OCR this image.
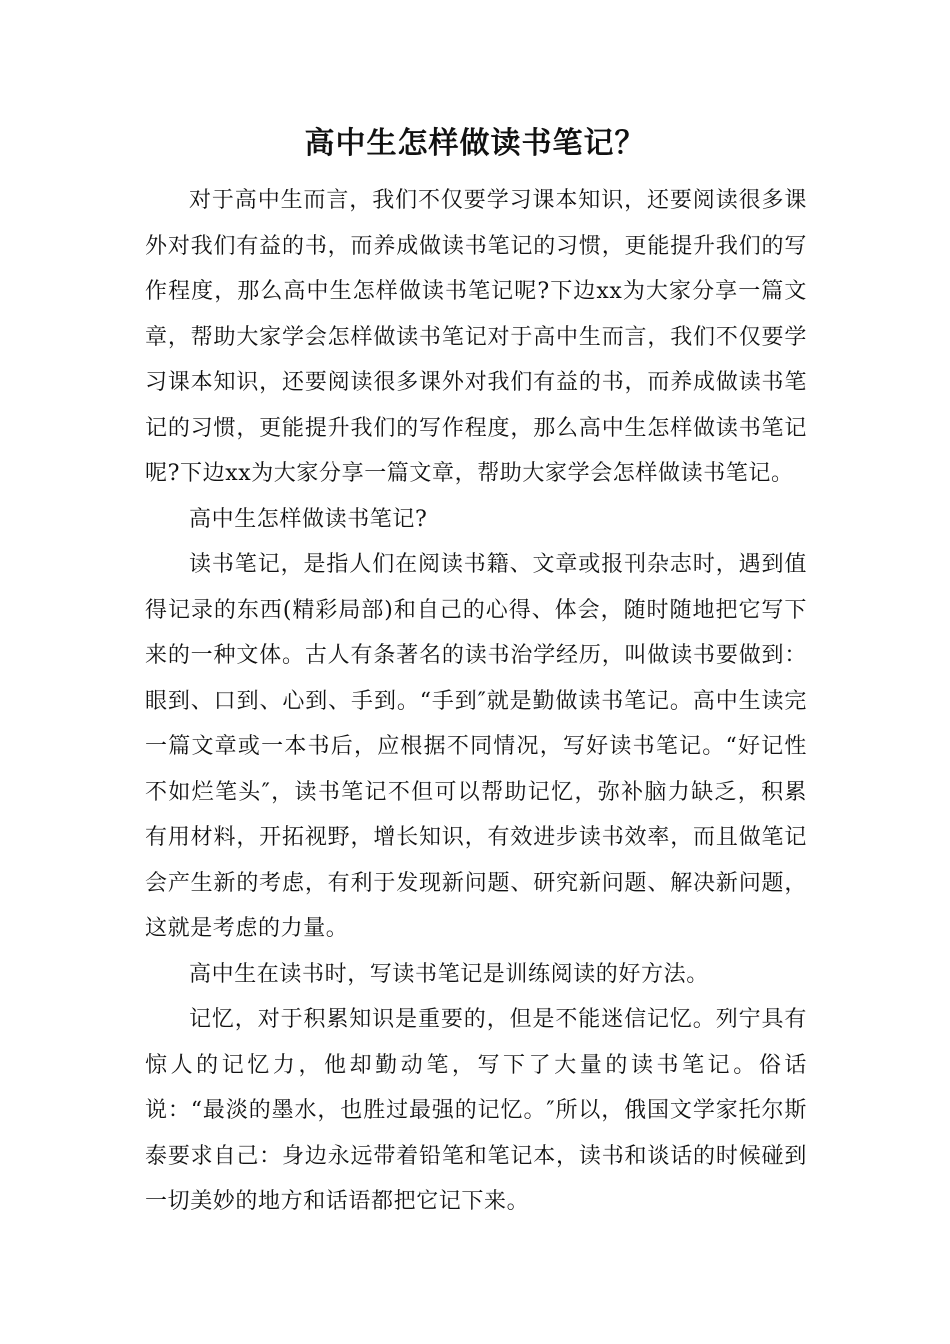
高中生怎样做读书笔记？

对于高中生而言，我们不仅要学习课本知识，还要阅读很多课外对我们有益的书，而养成做读书笔记的习惯，更能提升我们的写作程度，那么高中生怎样做读书笔记呢?下边xx为大家分享一篇文章，帮助大家学会怎样做读书笔记对于高中生而言，我们不仅要学习课本知识，还要阅读很多课外对我们有益的书，而养成做读书笔记的习惯，更能提升我们的写作程度，那么高中生怎样做读书笔记呢?下边xx为大家分享一篇文章，帮助大家学会怎样做读书笔记。

高中生怎样做读书笔记?

读书笔记，是指人们在阅读书籍、文章或报刊杂志时，遇到值得记录的东西(精彩局部)和自己的心得、体会，随时随地把它写下来的一种文体。古人有条著名的读书治学经历，叫做读书要做到：眼到、口到、心到、手到。“手到″就是勤做读书笔记。高中生读完一篇文章或一本书后，应根据不同情况，写好读书笔记。“好记性不如烂笔头″，读书笔记不但可以帮助记忆，弥补脑力缺乏，积累有用材料，开拓视野，增长知识，有效进步读书效率，而且做笔记会产生新的考虑，有利于发现新问题、研究新问题、解决新问题，这就是考虑的力量。

高中生在读书时，写读书笔记是训练阅读的好方法。

记忆，对于积累知识是重要的，但是不能迷信记忆。列宁具有惊人的记忆力，他却勤动笔，写下了大量的读书笔记。俗话说：“最淡的墨水，也胜过最强的记忆。″所以，俄国文学家托尔斯泰要求自己：身边永远带着铅笔和笔记本，读书和谈话的时候碰到一切美妙的地方和话语都把它记下来。
